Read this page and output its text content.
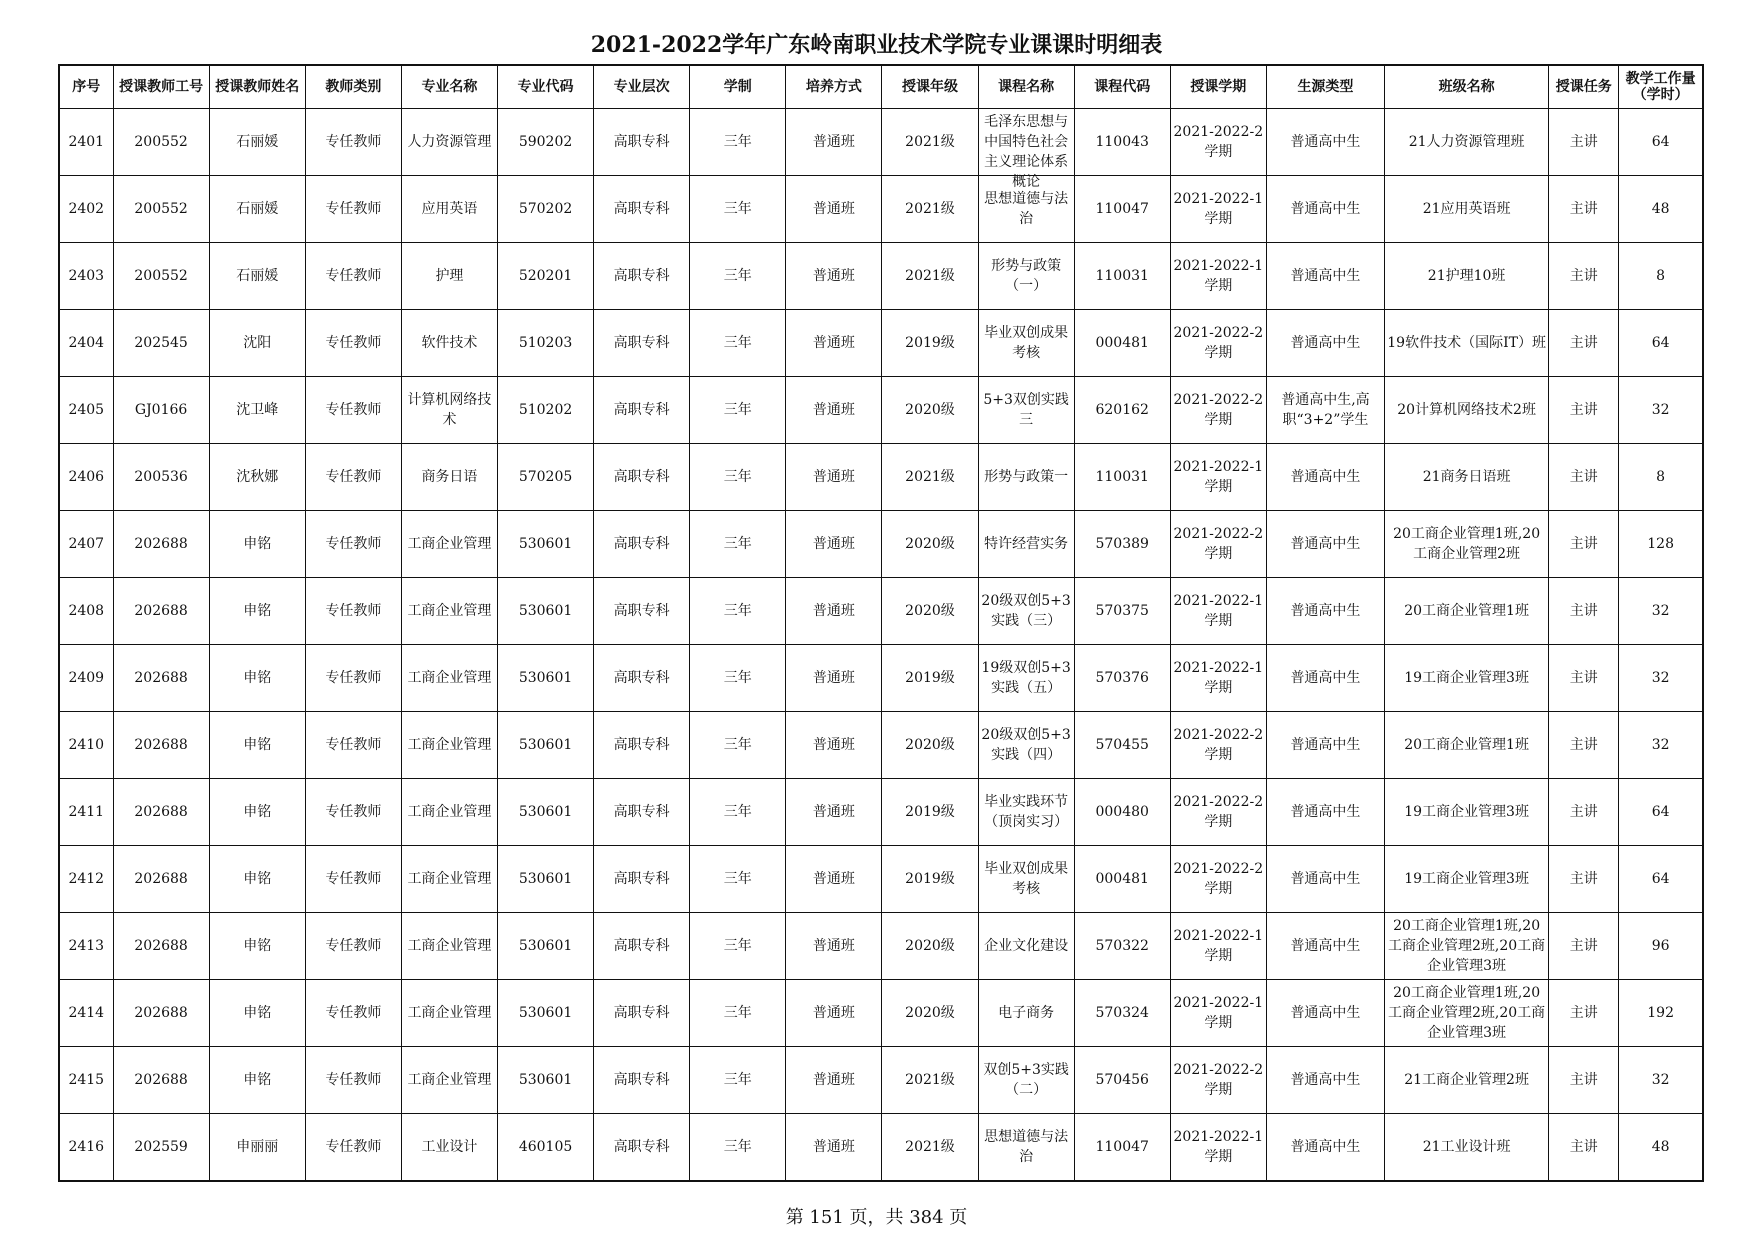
2021-2022学年广东岭南职业技术学院专业课课时明细表
序号	授课教师工号	授课教师姓名	教师类别	专业名称	专业代码	专业层次	学制	培养方式	授课年级	课程名称	课程代码	授课学期	生源类型	班级名称	授课任务	教学工作量（学时）

2401	200552	石丽媛	专任教师	人力资源管理	590202	高职专科	三年	普通班	2021级	毛泽东思想与中国特色社会主义理论体系概论	110043	2021-2022-2学期	普通高中生	21人力资源管理班	主讲	64

2402	200552	石丽媛	专任教师	应用英语	570202	高职专科	三年	普通班	2021级	思想道德与法治	110047	2021-2022-1学期	普通高中生	21应用英语班	主讲	48

2403	200552	石丽媛	专任教师	护理	520201	高职专科	三年	普通班	2021级	形势与政策（一）	110031	2021-2022-1学期	普通高中生	21护理10班	主讲	8

2404	202545	沈阳	专任教师	软件技术	510203	高职专科	三年	普通班	2019级	毕业双创成果考核	000481	2021-2022-2学期	普通高中生	19软件技术（国际IT）班	主讲	64

2405	GJ0166	沈卫峰	专任教师	计算机网络技术	510202	高职专科	三年	普通班	2020级	5+3双创实践三	620162	2021-2022-2学期	普通高中生,高职“3+2”学生	20计算机网络技术2班	主讲	32

2406	200536	沈秋娜	专任教师	商务日语	570205	高职专科	三年	普通班	2021级	形势与政策一	110031	2021-2022-1学期	普通高中生	21商务日语班	主讲	8

2407	202688	申铭	专任教师	工商企业管理	530601	高职专科	三年	普通班	2020级	特许经营实务	570389	2021-2022-2学期	普通高中生	20工商企业管理1班,20工商企业管理2班	主讲	128

2408	202688	申铭	专任教师	工商企业管理	530601	高职专科	三年	普通班	2020级	20级双创5+3实践（三）	570375	2021-2022-1学期	普通高中生	20工商企业管理1班	主讲	32

2409	202688	申铭	专任教师	工商企业管理	530601	高职专科	三年	普通班	2019级	19级双创5+3实践（五）	570376	2021-2022-1学期	普通高中生	19工商企业管理3班	主讲	32

2410	202688	申铭	专任教师	工商企业管理	530601	高职专科	三年	普通班	2020级	20级双创5+3实践（四）	570455	2021-2022-2学期	普通高中生	20工商企业管理1班	主讲	32

2411	202688	申铭	专任教师	工商企业管理	530601	高职专科	三年	普通班	2019级	毕业实践环节（顶岗实习）	000480	2021-2022-2学期	普通高中生	19工商企业管理3班	主讲	64

2412	202688	申铭	专任教师	工商企业管理	530601	高职专科	三年	普通班	2019级	毕业双创成果考核	000481	2021-2022-2学期	普通高中生	19工商企业管理3班	主讲	64

2413	202688	申铭	专任教师	工商企业管理	530601	高职专科	三年	普通班	2020级	企业文化建设	570322	2021-2022-1学期	普通高中生	20工商企业管理1班,20工商企业管理2班,20工商企业管理3班	主讲	96

2414	202688	申铭	专任教师	工商企业管理	530601	高职专科	三年	普通班	2020级	电子商务	570324	2021-2022-1学期	普通高中生	20工商企业管理1班,20工商企业管理2班,20工商企业管理3班	主讲	192

2415	202688	申铭	专任教师	工商企业管理	530601	高职专科	三年	普通班	2021级	双创5+3实践（二）	570456	2021-2022-2学期	普通高中生	21工商企业管理2班	主讲	32

2416	202559	申丽丽	专任教师	工业设计	460105	高职专科	三年	普通班	2021级	思想道德与法治	110047	2021-2022-1学期	普通高中生	21工业设计班	主讲	48
第 151 页，共 384 页
